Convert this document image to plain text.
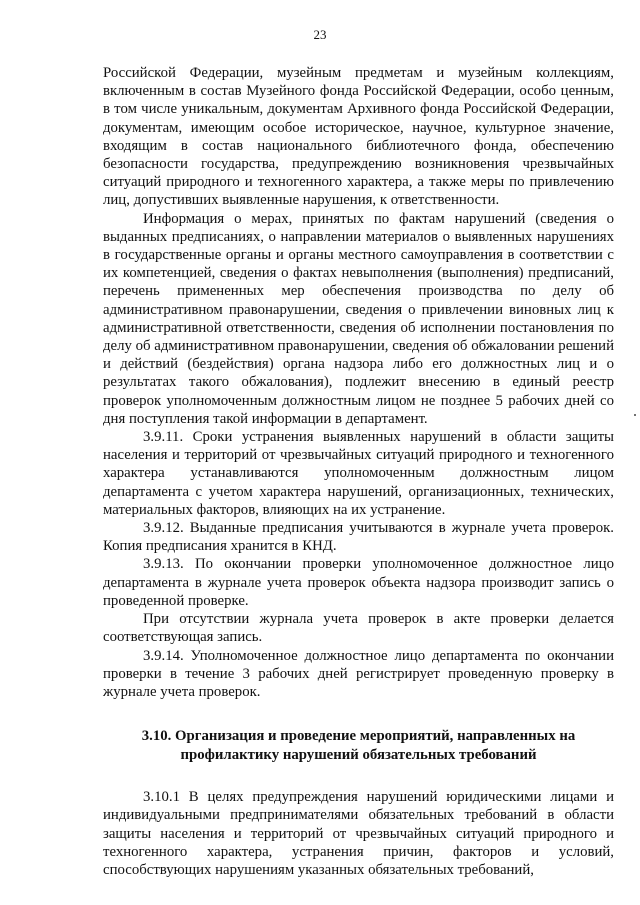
23

Российской Федерации, музейным предметам и музейным коллекциям, включенным в состав Музейного фонда Российской Федерации, особо ценным, в том числе уникальным, документам Архивного фонда Российской Федерации, документам, имеющим особое историческое, научное, культурное значение, входящим в состав национального библиотечного фонда, обеспечению безопасности государства, предупреждению возникновения чрезвычайных ситуаций природного и техногенного характера, а также меры по привлечению лиц, допустивших выявленные нарушения, к ответственности.

Информация о мерах, принятых по фактам нарушений (сведения о выданных предписаниях, о направлении материалов о выявленных нарушениях в государственные органы и органы местного самоуправления в соответствии с их компетенцией, сведения о фактах невыполнения (выполнения) предписаний, перечень примененных мер обеспечения производства по делу об административном правонарушении, сведения о привлечении виновных лиц к административной ответственности, сведения об исполнении постановления по делу об административном правонарушении, сведения об обжаловании решений и действий (бездействия) органа надзора либо его должностных лиц и о результатах такого обжалования), подлежит внесению в единый реестр проверок уполномоченным должностным лицом не позднее 5 рабочих дней со дня поступления такой информации в департамент.

3.9.11. Сроки устранения выявленных нарушений в области защиты населения и территорий от чрезвычайных ситуаций природного и техногенного характера устанавливаются уполномоченным должностным лицом департамента с учетом характера нарушений, организационных, технических, материальных факторов, влияющих на их устранение.

3.9.12. Выданные предписания учитываются в журнале учета проверок. Копия предписания хранится в КНД.

3.9.13. По окончании проверки уполномоченное должностное лицо департамента в журнале учета проверок объекта надзора производит запись о проведенной проверке.

При отсутствии журнала учета проверок в акте проверки делается соответствующая запись.

3.9.14. Уполномоченное должностное лицо департамента по окончании проверки в течение 3 рабочих дней регистрирует проведенную проверку в журнале учета проверок.

3.10. Организация и проведение мероприятий, направленных на профилактику нарушений обязательных требований

3.10.1 В целях предупреждения нарушений юридическими лицами и индивидуальными предпринимателями обязательных требований в области защиты населения и территорий от чрезвычайных ситуаций природного и техногенного характера, устранения причин, факторов и условий, способствующих нарушениям указанных обязательных требований,
